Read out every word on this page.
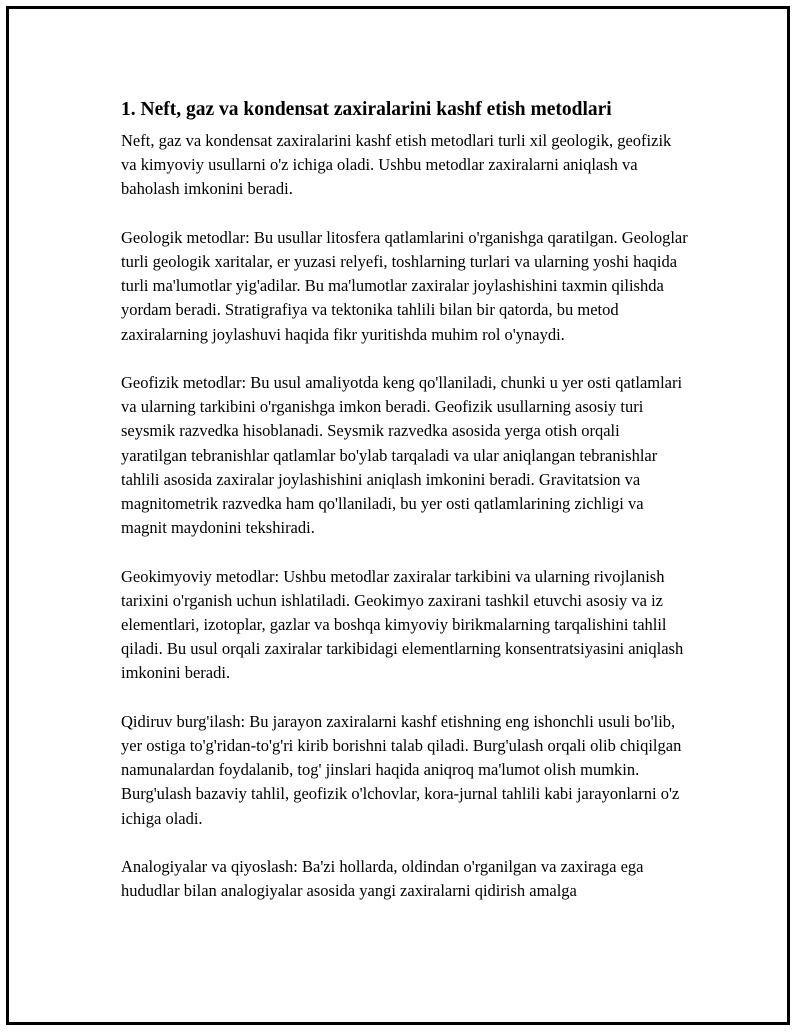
1. Neft, gaz va kondensat zaxiralarini kashf etish metodlari

Neft, gaz va kondensat zaxiralarini kashf etish metodlari turli xil geologik, geofizik va kimyoviy usullarni o'z ichiga oladi. Ushbu metodlar zaxiralarni aniqlash va baholash imkonini beradi.

Geologik metodlar: Bu usullar litosfera qatlamlarini o'rganishga qaratilgan. Geologlar turli geologik xaritalar, er yuzasi relyefi, toshlarning turlari va ularning yoshi haqida turli ma'lumotlar yig'adilar. Bu ma'lumotlar zaxiralar joylashishini taxmin qilishda yordam beradi. Stratigrafiya va tektonika tahlili bilan bir qatorda, bu metod zaxiralarning joylashuvi haqida fikr yuritishda muhim rol o'ynaydi.

Geofizik metodlar: Bu usul amaliyotda keng qo'llaniladi, chunki u yer osti qatlamlari va ularning tarkibini o'rganishga imkon beradi. Geofizik usullarning asosiy turi seysmik razvedka hisoblanadi. Seysmik razvedka asosida yerga otish orqali yaratilgan tebranishlar qatlamlar bo'ylab tarqaladi va ular aniqlangan tebranishlar tahlili asosida zaxiralar joylashishini aniqlash imkonini beradi. Gravitatsion va magnitometrik razvedka ham qo'llaniladi, bu yer osti qatlamlarining zichligi va magnit maydonini tekshiradi.

Geokimyoviy metodlar: Ushbu metodlar zaxiralar tarkibini va ularning rivojlanish tarixini o'rganish uchun ishlatiladi. Geokimyo zaxirani tashkil etuvchi asosiy va iz elementlari, izotoplar, gazlar va boshqa kimyoviy birikmalarning tarqalishini tahlil qiladi. Bu usul orqali zaxiralar tarkibidagi elementlarning konsentratsiyasini aniqlash imkonini beradi.

Qidiruv burg'ilash: Bu jarayon zaxiralarni kashf etishning eng ishonchli usuli bo'lib, yer ostiga to'g'ridan-to'g'ri kirib borishni talab qiladi. Burg'ulash orqali olib chiqilgan namunalardan foydalanib, tog' jinslari haqida aniqroq ma'lumot olish mumkin. Burg'ulash bazaviy tahlil, geofizik o'lchovlar, kora-jurnal tahlili kabi jarayonlarni o'z ichiga oladi.

Analogiyalar va qiyoslash: Ba'zi hollarda, oldindan o'rganilgan va zaxiraga ega hududlar bilan analogiyalar asosida yangi zaxiralarni qidirish amalga
